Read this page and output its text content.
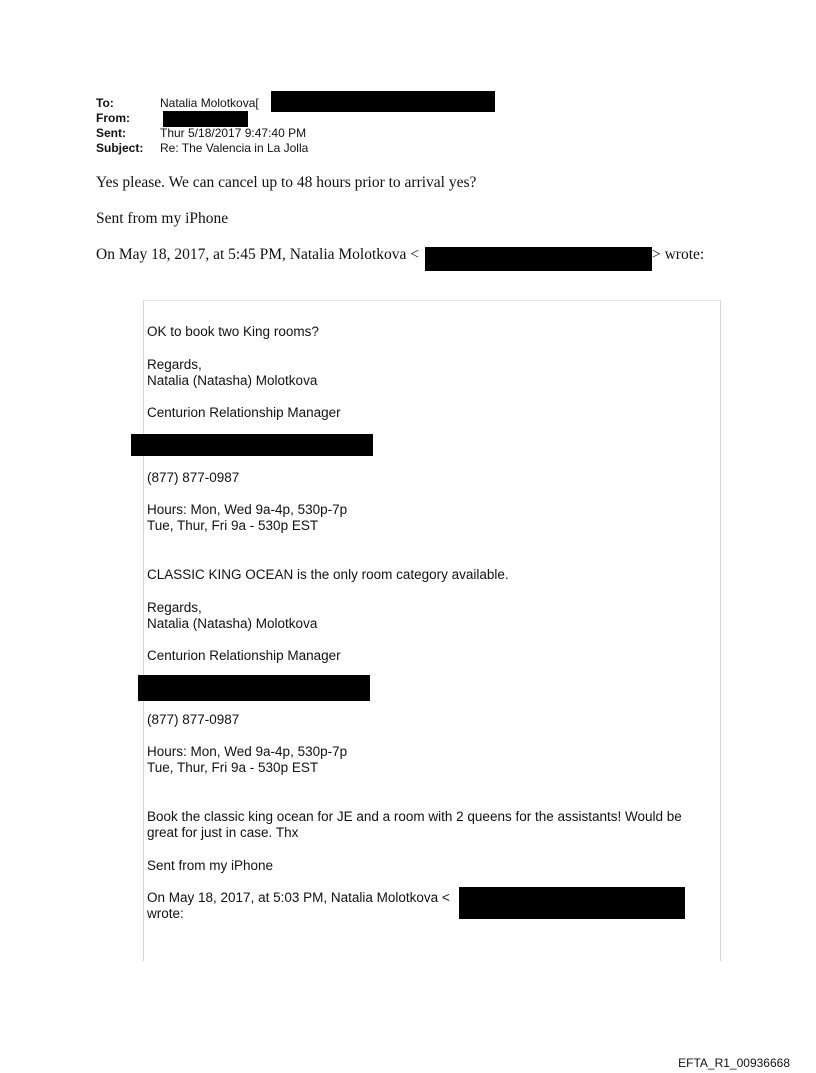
To:	Natalia Molotkova[
From:
Sent:	Thur 5/18/2017 9:47:40 PM
Subject: Re: The Valencia in La Jolla
Yes please. We can cancel up to 48 hours prior to arrival yes?
Sent from my iPhone
On May 18, 2017, at 5:45 PM, Natalia Molotkova <	> wrote:
OK to book two King rooms?
Regards,
Natalia (Natasha) Molotkova
Centurion Relationship Manager
(877) 877-0987
Hours: Mon, Wed 9a-4p, 530p-7p
Tue, Thur, Fri 9a - 530p EST
CLASSIC KING OCEAN is the only room category available.
Regards,
Natalia (Natasha) Molotkova
Centurion Relationship Manager
(877) 877-0987
Hours: Mon, Wed 9a-4p, 530p-7p
Tue, Thur, Fri 9a - 530p EST
Book the classic king ocean for JE and a room with 2 queens for the assistants! Would be great for just in case. Thx
Sent from my iPhone
On May 18, 2017, at 5:03 PM, Natalia Molotkova <
wrote:
EFTA_R1_00936668
